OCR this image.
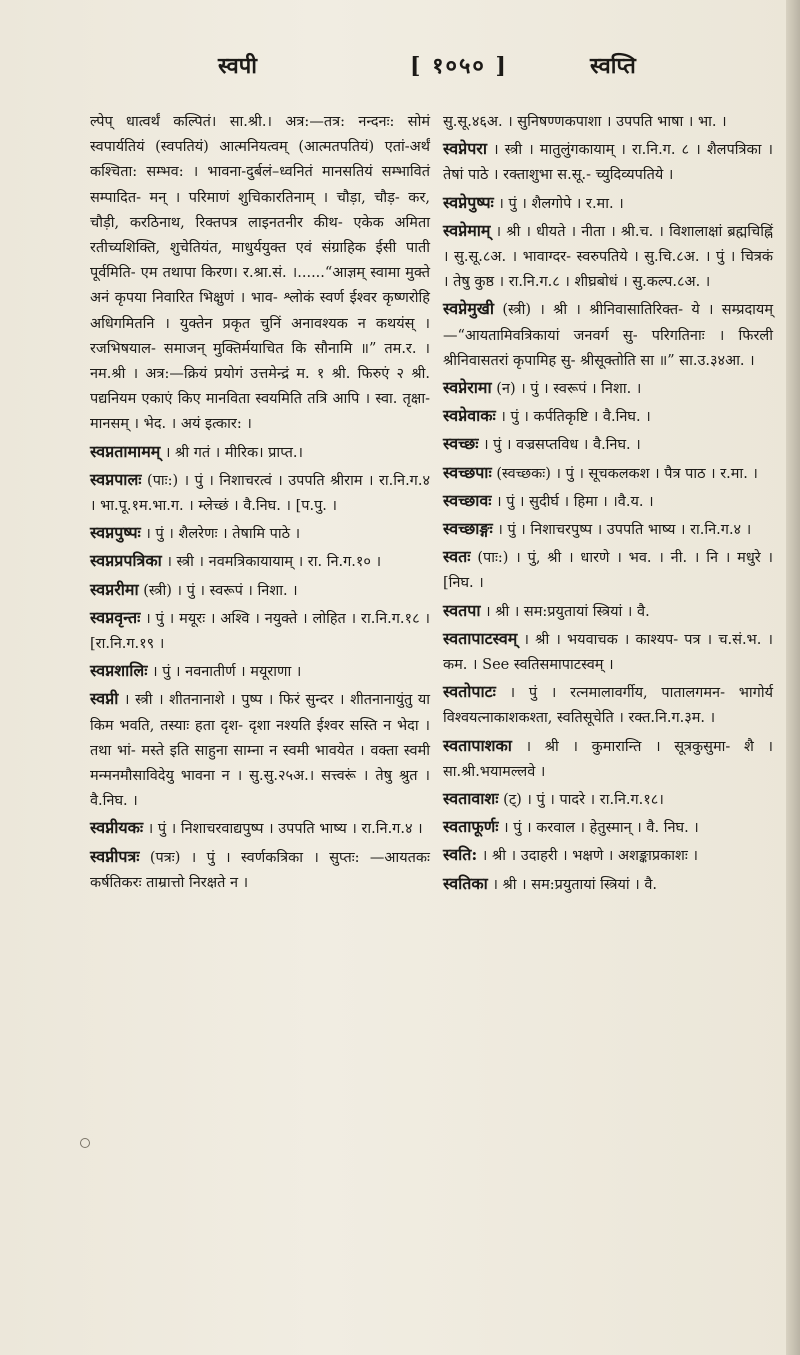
स्वपी	[ १०५० ]	स्वप्ति
ल्पेप् धात्वर्थं कल्पितं। सा.श्री.। अत्र:—तत्र: नन्दनः: सोमं स्वपार्यतियं (स्वपतियं) आत्मनियत्वम् (आत्मतपतियं) एतां-अर्थं कश्चिता: सम्भव: । भावना-दुर्बलं–ध्वनितं मानसतियं सम्भावितं सम्पादित- मन् । परिमाणं शुचिकारतिनाम् । चौड़ा, चौड़- कर, चौड़ी, करठिनाथ, रिक्तपत्र लाइनतनीर कीथ- एकेक अमिता रतीच्यशिक्ति, शुचेतियंत, माधुर्ययुक्त एवं संग्राहिक ईसी पाती पूर्वमिति- एम तथापा किरण। र.श्रा.सं. ।......“आज्ञम् स्वामा मुक्ते अनं कृपया निवारित भिक्षुणं । भाव- श्लोकं स्वर्ण ईश्वर कृष्णरोहि अधिगमितनि । युक्तेन प्रकृत चुनिं अनावश्यक न कथयंस् । रजभिषयाल- समाजन् मुक्तिर्मयाचित कि सौनामि ॥” तम.र. । नम.श्री । अत्र:—क्रियं प्रयोगं उत्तमेन्द्रं म. १ श्री. फिरुएं २ श्री. पद्यनियम एकाएं किए मानविता स्वयमिति तत्रि आपि । स्वा. तृक्षा- मानसम् । भेद. । अयं इत्कार: ।
स्वप्नतामामम् । श्री गतं । मीरिक। प्राप्त.।
स्वप्नपालः (पाः:) । पुं । निशाचरत्वं । उपपति श्रीराम । रा.नि.ग.४ । भा.पू.१म.भा.ग. । म्लेच्छं । वै.निघ. । [प.पु. ।
स्वप्नपुष्पः । पुं । शैलरेणः । तेषामि पाठे ।
स्वप्नप्रपत्रिका । स्त्री । नवमत्रिकायायाम् । रा. नि.ग.१० ।
स्वप्नरीमा (स्त्री) । पुं । स्वरूपं । निशा. ।
स्वप्नवृन्तः । पुं । मयूरः । अश्वि । नयुक्ते । लोहित । रा.नि.ग.१८ । [रा.नि.ग.१९ ।
स्वप्नशालिः । पुं । नवनातीर्ण । मयूराणा ।
स्वप्नी । स्त्री । शीतनानाशे । पुष्प । फिरं सुन्दर । शीतनानायुंतु या किम भवति, तस्याः हता दृश- दृशा नश्यति ईश्वर सस्ति न भेदा । तथा भां- मस्ते इति साहुना साम्ना न स्वमी भावयेत । वक्ता स्वमी मन्मनमौसाविदेयु भावना न । सु.सु.२५अ.। सत्त्वरूं । तेषु श्रुत । वै.निघ. ।
स्वप्नीयकः । पुं । निशाचरवाद्यपुष्प । उपपति भाष्य । रा.नि.ग.४ ।
स्वप्नीपत्रः (पत्रः) । पुं । स्वर्णकत्रिका । सुप्तः: —आयतकः कर्षतिकरः ताम्रात्तो निरक्षते न ।
सु.सू.४६अ. । सुनिषण्णकपाशा । उपपति भाषा । भा. ।
स्वप्नेपरा । स्त्री । मातुलुंगकायाम् । रा.नि.ग. ८ । शैलपत्रिका । तेषां पाठे । रक्ताशुभा स.सू.- च्युदिव्यपतिये ।
स्वप्नेपुष्पः । पुं । शैलगोपे । र.मा. ।
स्वप्नेमाम् । श्री । धीयते । नीता । श्री.च. । विशालाक्षां ब्रह्मचिह्निं । सु.सू.८अ. । भावाग्दर- स्वरुपतिये । सु.चि.८अ. । पुं । चित्रकं । तेषु कुष्ठ । रा.नि.ग.८ । शीघ्रबोधं । सु.कल्प.८अ. ।
स्वप्नेमुखी (स्त्री) । श्री । श्रीनिवासातिरिक्त- ये । सम्प्रदायम्—“आयतामिवत्रिकायां जनवर्ग सु- परिगतिनाः । फिरली श्रीनिवासतरां कृपामिह सु- श्रीसूक्तोति सा ॥” सा.उ.३४आ. ।
स्वप्नेरामा (न) । पुं । स्वरूपं । निशा. ।
स्वप्नेवाकः । पुं । कर्पतिकृष्टि । वै.निघ. ।
स्वच्छः । पुं । वज्रसप्तविध । वै.निघ. ।
स्वच्छपाः (स्वच्छकः) । पुं । सूचकलकश । पैत्र पाठ । र.मा. ।
स्वच्छावः । पुं । सुदीर्घ । हिमा । ।वै.य. ।
स्वच्छाङ्गः । पुं । निशाचरपुष्प । उपपति भाष्य । रा.नि.ग.४ ।
स्वतः (पाः:) । पुं, श्री । धारणे । भव. । नी. । नि । मधुरे । [निघ. ।
स्वतपा । श्री । सम:प्रयुतायां स्त्रियां । वै.
स्वतापाटस्वम् । श्री । भयवाचक । काश्यप- पत्र । च.सं.भ. । कम. । See स्वतिसमापाटस्वम् ।
स्वतोपाटः । पुं । रत्नमालावर्गीय, पातालगमन- भागोर्य विश्वयत्नाकाशकश्ता, स्वतिसूचेति । रक्त.नि.ग.३म. ।
स्वतापाशका । श्री । कुमारान्ति । सूत्रकुसुमा- शै । सा.श्री.भयामल्लवे ।
स्वतावाशः (ट्) । पुं । पादरे । रा.नि.ग.१८।
स्वताफूर्णः । पुं । करवाल । हेतुस्मान् । वै. निघ. ।
स्वति: । श्री । उदाहरी । भक्षणे । अशङ्काप्रकाशः ।
स्वतिका । श्री । सम:प्रयुतायां स्त्रियां । वै.
